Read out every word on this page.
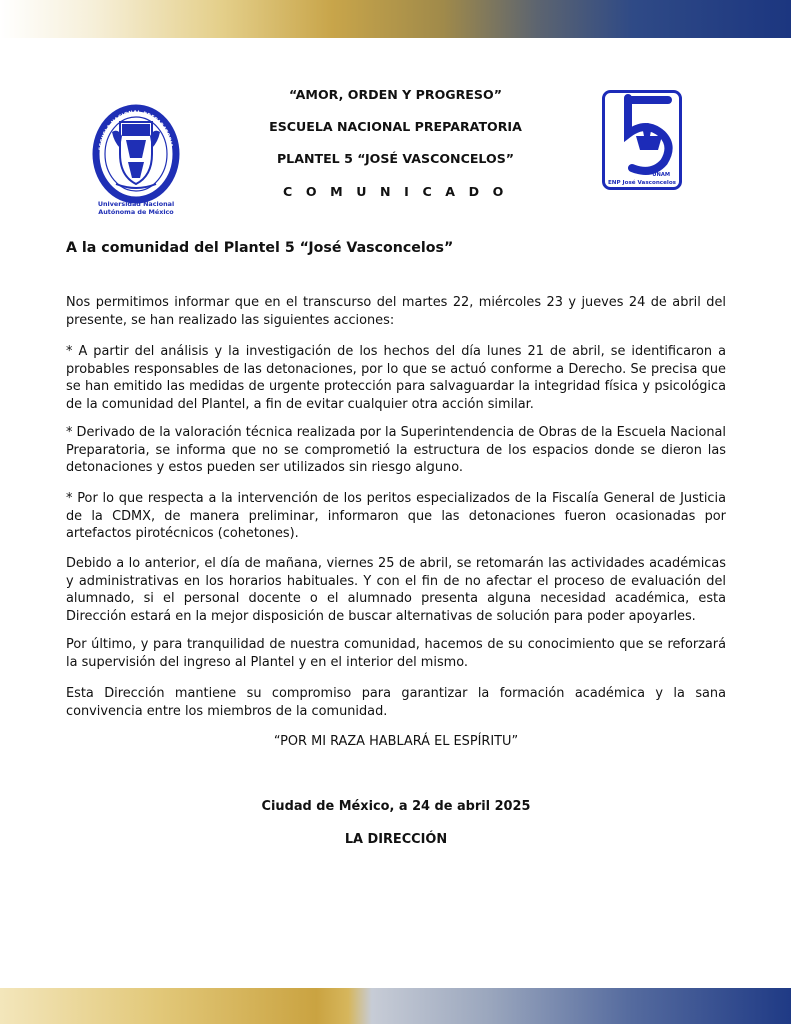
ESCUELA NACIONAL PREPARATORIA
Universidad Nacional
Autónoma de México
UNAM
ENP José Vasconcelos
“AMOR, ORDEN Y PROGRESO”
ESCUELA NACIONAL PREPARATORIA
PLANTEL 5 “JOSÉ VASCONCELOS”
C O M U N I C A D O
A la comunidad del Plantel 5 “José Vasconcelos”

Nos permitimos informar que en el transcurso del martes 22, miércoles 23 y jueves 24 de abril del presente, se han realizado las siguientes acciones:

* A partir del análisis y la investigación de los hechos del día lunes 21 de abril, se identificaron a probables responsables de las detonaciones, por lo que se actuó conforme a Derecho. Se precisa que se han emitido las medidas de urgente protección para salvaguardar la integridad física y psicológica de la comunidad del Plantel, a fin de evitar cualquier otra acción similar.

* Derivado de la valoración técnica realizada por la Superintendencia de Obras de la Escuela Nacional Preparatoria, se informa que no se comprometió la estructura de los espacios donde se dieron las detonaciones y estos pueden ser utilizados sin riesgo alguno.

* Por lo que respecta a la intervención de los peritos especializados de la Fiscalía General de Justicia de la CDMX, de manera preliminar, informaron que las detonaciones fueron ocasionadas por artefactos pirotécnicos (cohetones).

Debido a lo anterior, el día de mañana, viernes 25 de abril, se retomarán las actividades académicas y administrativas en los horarios habituales. Y con el fin de no afectar el proceso de evaluación del alumnado, si el personal docente o el alumnado presenta alguna necesidad académica, esta Dirección estará en la mejor disposición de buscar alternativas de solución para poder apoyarles.

Por último, y para tranquilidad de nuestra comunidad, hacemos de su conocimiento que se reforzará la supervisión del ingreso al Plantel y en el interior del mismo.

Esta Dirección mantiene su compromiso para garantizar la formación académica y la sana convivencia entre los miembros de la comunidad.

“POR MI RAZA HABLARÁ EL ESPÍRITU”
Ciudad de México, a 24 de abril 2025
LA DIRECCIÓN
